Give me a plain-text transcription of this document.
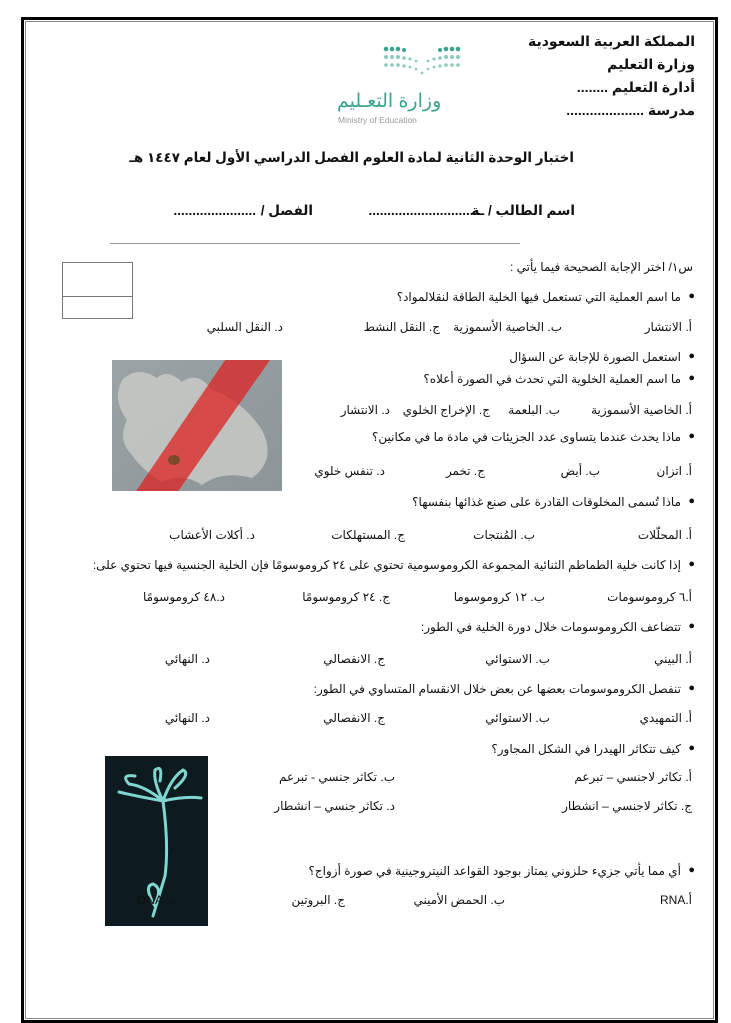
المملكة العربية السعودية
وزارة التعليم
أدارة التعليم ........
مدرسة ....................
وزارة التعـليم
Ministry of Education
اختبار الوحدة الثانية لمادة العلوم الفصل الدراسي الأول لعام ١٤٤٧ هـ
اسم الطالب / ـة
..............................
الفصل /
......................
س١/ اختر الإجابة الصحيحة فيما يأتي :
●
ما اسم العملية التي تستعمل فيها الخلية الطاقة لنقلالمواد؟
أ. الانتشار
ب. الخاصية الأسموزية
ج. النقل النشط
د. النقل السلبي
●
استعمل الصورة للإجابة عن السؤال
●
ما اسم العملية الخلوية التي تحدث في الصورة أعلاه؟
أ. الخاصية الأسموزية
ب. البلعمة
ج. الإخراج الخلوي
د. الانتشار
●
ماذا يحدث عندما يتساوى عدد الجزيئات في مادة ما في مكانين؟
أ. اتزان
ب. أيض
ج. تخمر
د. تنفس خلوي
●
ماذا تُسمى المخلوقات القادرة على صنع غذائها بنفسها؟
أ. المحلّلات
ب. المُنتجات
ج. المستهلكات
د. أكلات الأعشاب
●
إذا كانت خلية الطماطم الثنائية المجموعة الكروموسومية تحتوي على ٢٤ كروموسومًا فإن الخلية الجنسية فيها تحتوي على:
أ.٦ كروموسومات
ب. ١٢ كروموسوما
ج. ٢٤ كروموسومًا
د.٤٨ كروموسومًا
●
تتضاعف الكروموسومات خلال دورة الخلية في الطور:
أ. البيني
ب. الاستوائي
ج. الانفصالي
د. النهائي
●
تنفصل الكروموسومات بعضها عن بعض خلال الانقسام المتساوي في الطور:
أ. التمهيدي
ب. الاستوائي
ج. الانفصالي
د. النهائي
●
كيف تتكاثر الهيدرا في الشكل المجاور؟
أ. تكاثر لاجنسي – تبرعم
ب. تكاثر جنسي - تبرعم
ج. تكاثر لاجنسي – انشطار
د. تكاثر جنسي – انشطار
●
أي مما يأتي جزيء حلزوني يمتاز بوجود القواعد النيتروجينية في صورة أزواج؟
أ.RNA
ب. الحمض الأميني
ج. البروتين
د. DNA
